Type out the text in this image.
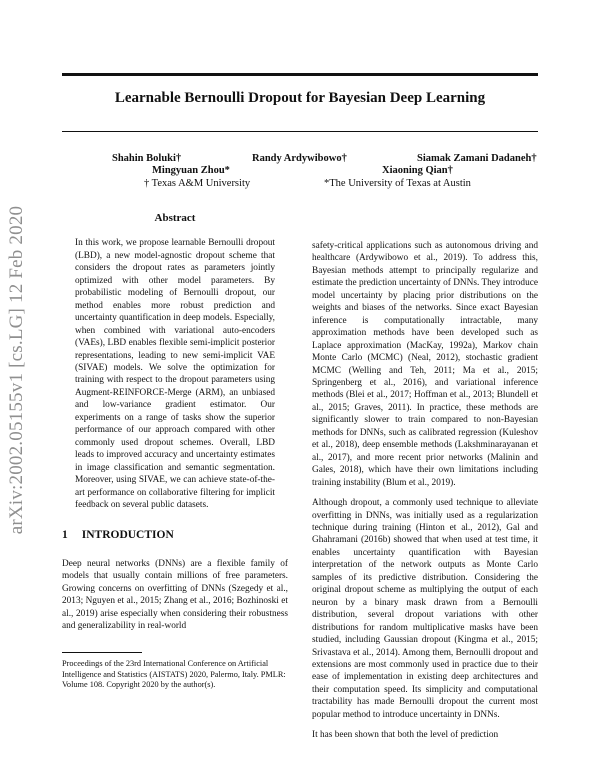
arXiv:2002.05155v1 [cs.LG] 12 Feb 2020
Learnable Bernoulli Dropout for Bayesian Deep Learning
Shahin Boluki†	Randy Ardywibowo†	Siamak Zamani Dadaneh†
Mingyuan Zhou*	Xiaoning Qian†
† Texas A&M University	*The University of Texas at Austin
Abstract

In this work, we propose learnable Bernoulli dropout (LBD), a new model-agnostic dropout scheme that considers the dropout rates as parameters jointly optimized with other model parameters. By probabilistic modeling of Bernoulli dropout, our method enables more robust prediction and uncertainty quantification in deep models. Especially, when combined with variational auto-encoders (VAEs), LBD enables flexible semi-implicit posterior representations, leading to new semi-implicit VAE (SIVAE) models. We solve the optimization for training with respect to the dropout parameters using Augment-REINFORCE-Merge (ARM), an unbiased and low-variance gradient estimator. Our experiments on a range of tasks show the superior performance of our approach compared with other commonly used dropout schemes. Overall, LBD leads to improved accuracy and uncertainty estimates in image classification and semantic segmentation. Moreover, using SIVAE, we can achieve state-of-the-art performance on collaborative filtering for implicit feedback on several public datasets.

1 INTRODUCTION

Deep neural networks (DNNs) are a flexible family of models that usually contain millions of free parameters. Growing concerns on overfitting of DNNs (Szegedy et al., 2013; Nguyen et al., 2015; Zhang et al., 2016; Bozhinoski et al., 2019) arise especially when considering their robustness and generalizability in real-world

Proceedings of the 23rd International Conference on Artificial Intelligence and Statistics (AISTATS) 2020, Palermo, Italy. PMLR: Volume 108. Copyright 2020 by the author(s).

safety-critical applications such as autonomous driving and healthcare (Ardywibowo et al., 2019). To address this, Bayesian methods attempt to principally regularize and estimate the prediction uncertainty of DNNs. They introduce model uncertainty by placing prior distributions on the weights and biases of the networks. Since exact Bayesian inference is computationally intractable, many approximation methods have been developed such as Laplace approximation (MacKay, 1992a), Markov chain Monte Carlo (MCMC) (Neal, 2012), stochastic gradient MCMC (Welling and Teh, 2011; Ma et al., 2015; Springenberg et al., 2016), and variational inference methods (Blei et al., 2017; Hoffman et al., 2013; Blundell et al., 2015; Graves, 2011). In practice, these methods are significantly slower to train compared to non-Bayesian methods for DNNs, such as calibrated regression (Kuleshov et al., 2018), deep ensemble methods (Lakshminarayanan et al., 2017), and more recent prior networks (Malinin and Gales, 2018), which have their own limitations including training instability (Blum et al., 2019).

Although dropout, a commonly used technique to alleviate overfitting in DNNs, was initially used as a regularization technique during training (Hinton et al., 2012), Gal and Ghahramani (2016b) showed that when used at test time, it enables uncertainty quantification with Bayesian interpretation of the network outputs as Monte Carlo samples of its predictive distribution. Considering the original dropout scheme as multiplying the output of each neuron by a binary mask drawn from a Bernoulli distribution, several dropout variations with other distributions for random multiplicative masks have been studied, including Gaussian dropout (Kingma et al., 2015; Srivastava et al., 2014). Among them, Bernoulli dropout and extensions are most commonly used in practice due to their ease of implementation in existing deep architectures and their computation speed. Its simplicity and computational tractability has made Bernoulli dropout the current most popular method to introduce uncertainty in DNNs.

It has been shown that both the level of prediction
